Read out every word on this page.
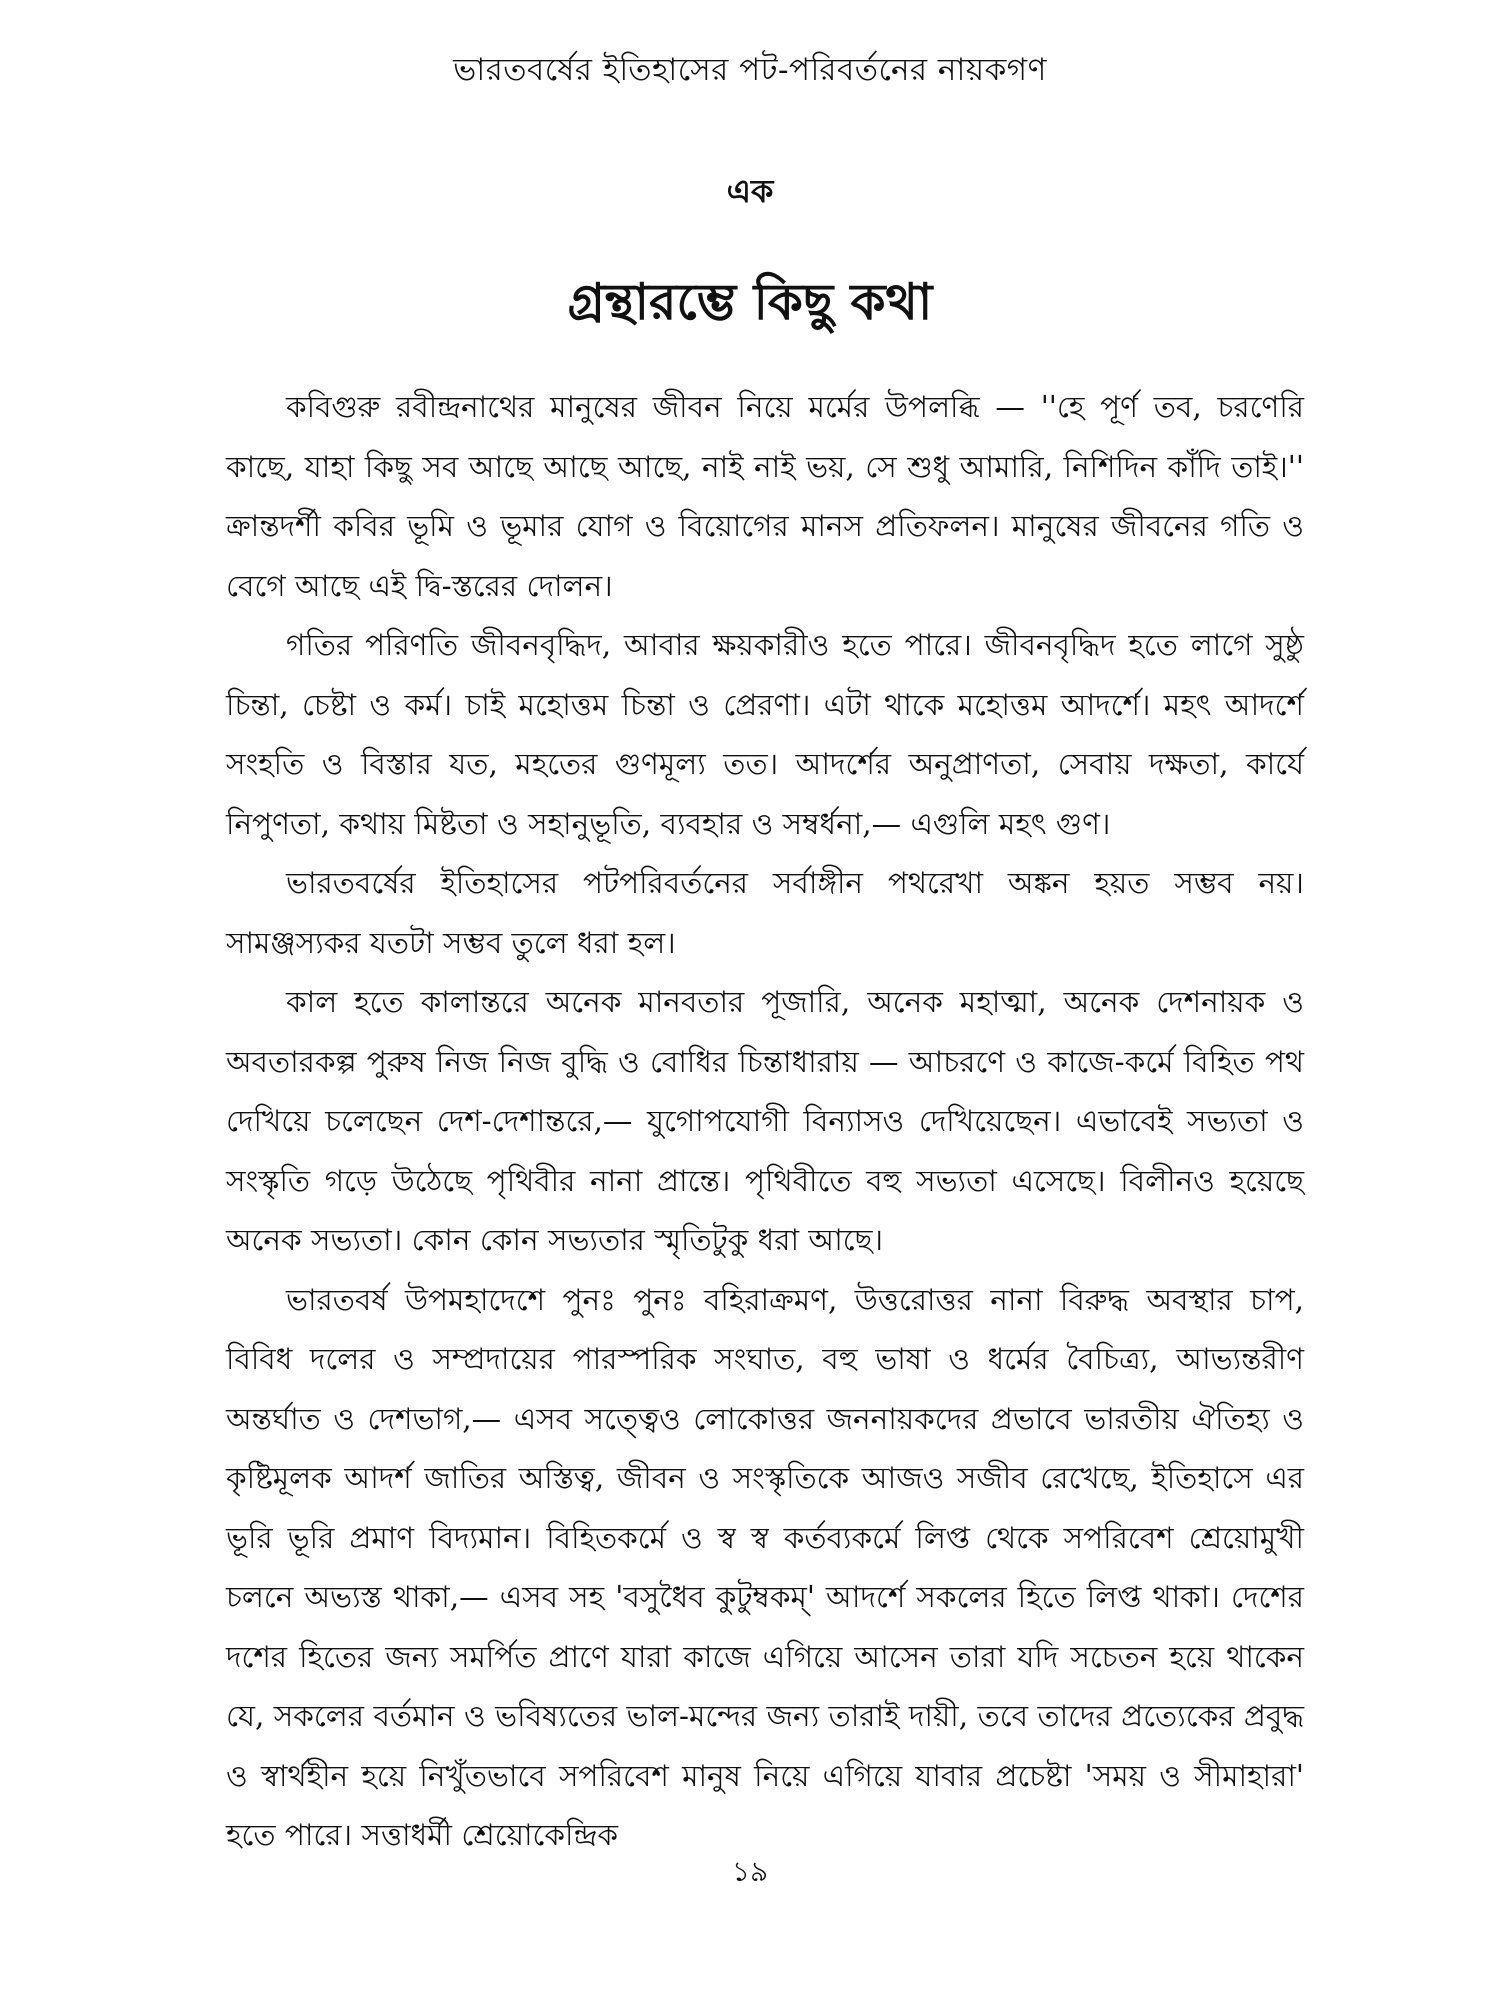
ভারতবর্ষের ইতিহাসের পট-পরিবর্তনের নায়কগণ
এক
গ্রন্থারম্ভে কিছু কথা

কবিগুরু রবীন্দ্রনাথের মানুষের জীবন নিয়ে মর্মের উপলব্ধি — ''হে পূর্ণ তব, চরণেরি কাছে, যাহা কিছু সব আছে আছে আছে, নাই নাই ভয়, সে শুধু আমারি, নিশিদিন কাঁদি তাই।'' ক্রান্তদর্শী কবির ভূমি ও ভূমার যোগ ও বিয়োগের মানস প্রতিফলন। মানুষের জীবনের গতি ও বেগে আছে এই দ্বি-স্তরের দোলন।

গতির পরিণতি জীবনবৃদ্ধিদ, আবার ক্ষয়কারীও হতে পারে। জীবনবৃদ্ধিদ হতে লাগে সুষ্ঠু চিন্তা, চেষ্টা ও কর্ম। চাই মহোত্তম চিন্তা ও প্রেরণা। এটা থাকে মহোত্তম আদর্শে। মহৎ আদর্শে সংহতি ও বিস্তার যত, মহতের গুণমূল্য তত। আদর্শের অনুপ্রাণতা, সেবায় দক্ষতা, কার্যে নিপুণতা, কথায় মিষ্টতা ও সহানুভূতি, ব্যবহার ও সম্বর্ধনা,— এগুলি মহৎ গুণ।

ভারতবর্ষের ইতিহাসের পটপরিবর্তনের সর্বাঙ্গীন পথরেখা অঙ্কন হয়ত সম্ভব নয়। সামঞ্জস্যকর যতটা সম্ভব তুলে ধরা হল।

কাল হতে কালান্তরে অনেক মানবতার পূজারি, অনেক মহাত্মা, অনেক দেশনায়ক ও অবতারকল্প পুরুষ নিজ নিজ বুদ্ধি ও বোধির চিন্তাধারায় — আচরণে ও কাজে-কর্মে বিহিত পথ দেখিয়ে চলেছেন দেশ-দেশান্তরে,— যুগোপযোগী বিন্যাসও দেখিয়েছেন। এভাবেই সভ্যতা ও সংস্কৃতি গড়ে উঠেছে পৃথিবীর নানা প্রান্তে। পৃথিবীতে বহু সভ্যতা এসেছে। বিলীনও হয়েছে অনেক সভ্যতা। কোন কোন সভ্যতার স্মৃতিটুকু ধরা আছে।

ভারতবর্ষ উপমহাদেশে পুনঃ পুনঃ বহিরাক্রমণ, উত্তরোত্তর নানা বিরুদ্ধ অবস্থার চাপ, বিবিধ দলের ও সম্প্রদায়ের পারস্পরিক সংঘাত, বহু ভাষা ও ধর্মের বৈচিত্র্য, আভ্যন্তরীণ অন্তর্ঘাত ও দেশভাগ,— এসব সত্ত্বেও লোকোত্তর জননায়কদের প্রভাবে ভারতীয় ঐতিহ্য ও কৃষ্টিমূলক আদর্শ জাতির অস্তিত্ব, জীবন ও সংস্কৃতিকে আজও সজীব রেখেছে, ইতিহাসে এর ভূরি ভূরি প্রমাণ বিদ্যমান। বিহিতকর্মে ও স্ব স্ব কর্তব্যকর্মে লিপ্ত থেকে সপরিবেশ শ্রেয়োমুখী চলনে অভ্যস্ত থাকা,— এসব সহ 'বসুধৈব কুটুম্বকম্' আদর্শে সকলের হিতে লিপ্ত থাকা। দেশের দশের হিতের জন্য সমর্পিত প্রাণে যারা কাজে এগিয়ে আসেন তারা যদি সচেতন হয়ে থাকেন যে, সকলের বর্তমান ও ভবিষ্যতের ভাল-মন্দের জন্য তারাই দায়ী, তবে তাদের প্রত্যেকের প্রবুদ্ধ ও স্বার্থহীন হয়ে নিখুঁতভাবে সপরিবেশ মানুষ নিয়ে এগিয়ে যাবার প্রচেষ্টা 'সময় ও সীমাহারা' হতে পারে। সত্তাধর্মী শ্রেয়োকেন্দ্রিক

১৯
